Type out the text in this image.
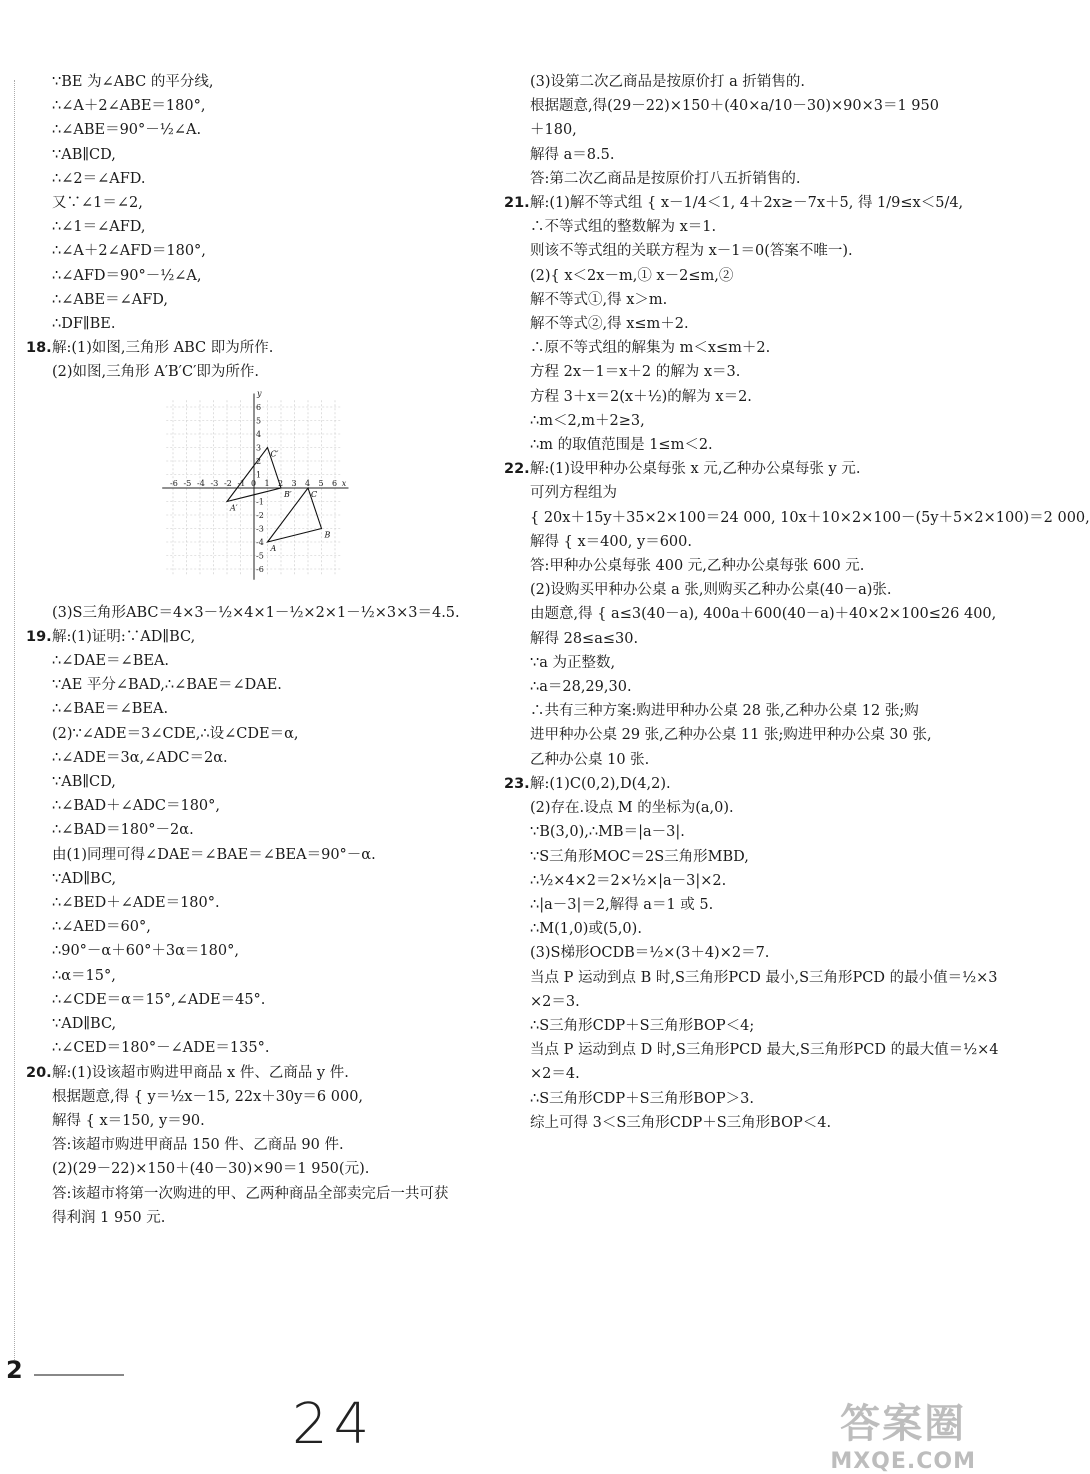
∵BE 为∠ABC 的平分线,
∴∠A＋2∠ABE＝180°,
∴∠ABE＝90°－½∠A.
∵AB∥CD,
∴∠2＝∠AFD.
又∵∠1＝∠2,
∴∠1＝∠AFD,
∴∠A＋2∠AFD＝180°,
∴∠AFD＝90°－½∠A,
∴∠ABE＝∠AFD,
∴DF∥BE.
18.解:(1)如图,三角形 ABC 即为所作.
(2)如图,三角形 A′B′C′即为所作.
-6 -5 -4 -3 -2 -1 0 1 2 3 4 5 6
6
5
4
3
2
1
-1
-2
-3
-4
-5
-6
x
y
A
B
C
A′
B′
C′
(3)S三角形ABC＝4×3－½×4×1－½×2×1－½×3×3＝4.5.
19.解:(1)证明:∵AD∥BC,
∴∠DAE＝∠BEA.
∵AE 平分∠BAD,∴∠BAE＝∠DAE.
∴∠BAE＝∠BEA.
(2)∵∠ADE＝3∠CDE,∴设∠CDE＝α,
∴∠ADE＝3α,∠ADC＝2α.
∵AB∥CD,
∴∠BAD＋∠ADC＝180°,
∴∠BAD＝180°－2α.
由(1)同理可得∠DAE＝∠BAE＝∠BEA＝90°－α.
∵AD∥BC,
∴∠BED＋∠ADE＝180°.
∴∠AED＝60°,
∴90°－α＋60°＋3α＝180°,
∴α＝15°,
∴∠CDE＝α＝15°,∠ADE＝45°.
∵AD∥BC,
∴∠CED＝180°－∠ADE＝135°.
20.解:(1)设该超市购进甲商品 x 件、乙商品 y 件.
根据题意,得 { y＝½x－15, 22x＋30y＝6 000,
解得 { x＝150, y＝90.
答:该超市购进甲商品 150 件、乙商品 90 件.
(2)(29－22)×150＋(40－30)×90＝1 950(元).
答:该超市将第一次购进的甲、乙两种商品全部卖完后一共可获
得利润 1 950 元.
(3)设第二次乙商品是按原价打 a 折销售的.
根据题意,得(29－22)×150＋(40×a/10－30)×90×3＝1 950
＋180,
解得 a＝8.5.
答:第二次乙商品是按原价打八五折销售的.
21.解:(1)解不等式组 { x－1/4＜1, 4＋2x≥－7x＋5, 得 1/9≤x＜5/4,
∴不等式组的整数解为 x＝1.
则该不等式组的关联方程为 x－1＝0(答案不唯一).
(2){ x＜2x－m,① x－2≤m,②
解不等式①,得 x＞m.
解不等式②,得 x≤m＋2.
∴原不等式组的解集为 m＜x≤m＋2.
方程 2x－1＝x＋2 的解为 x＝3.
方程 3＋x＝2(x＋½)的解为 x＝2.
∴m＜2,m＋2≥3,
∴m 的取值范围是 1≤m＜2.
22.解:(1)设甲种办公桌每张 x 元,乙种办公桌每张 y 元.
可列方程组为
{ 20x＋15y＋35×2×100＝24 000, 10x＋10×2×100－(5y＋5×2×100)＝2 000,
解得 { x＝400, y＝600.
答:甲种办公桌每张 400 元,乙种办公桌每张 600 元.
(2)设购买甲种办公桌 a 张,则购买乙种办公桌(40－a)张.
由题意,得 { a≤3(40－a), 400a＋600(40－a)＋40×2×100≤26 400,
解得 28≤a≤30.
∵a 为正整数,
∴a＝28,29,30.
∴共有三种方案:购进甲种办公桌 28 张,乙种办公桌 12 张;购
进甲种办公桌 29 张,乙种办公桌 11 张;购进甲种办公桌 30 张,
乙种办公桌 10 张.
23.解:(1)C(0,2),D(4,2).
(2)存在.设点 M 的坐标为(a,0).
∵B(3,0),∴MB＝|a－3|.
∵S三角形MOC＝2S三角形MBD,
∴½×4×2＝2×½×|a－3|×2.
∴|a－3|＝2,解得 a＝1 或 5.
∴M(1,0)或(5,0).
(3)S梯形OCDB＝½×(3＋4)×2＝7.
当点 P 运动到点 B 时,S三角形PCD 最小,S三角形PCD 的最小值＝½×3
×2＝3.
∴S三角形CDP＋S三角形BOP＜4;
当点 P 运动到点 D 时,S三角形PCD 最大,S三角形PCD 的最大值＝½×4
×2＝4.
∴S三角形CDP＋S三角形BOP＞3.
综上可得 3＜S三角形CDP＋S三角形BOP＜4.
2
24	答案圈
MXQE.COM
